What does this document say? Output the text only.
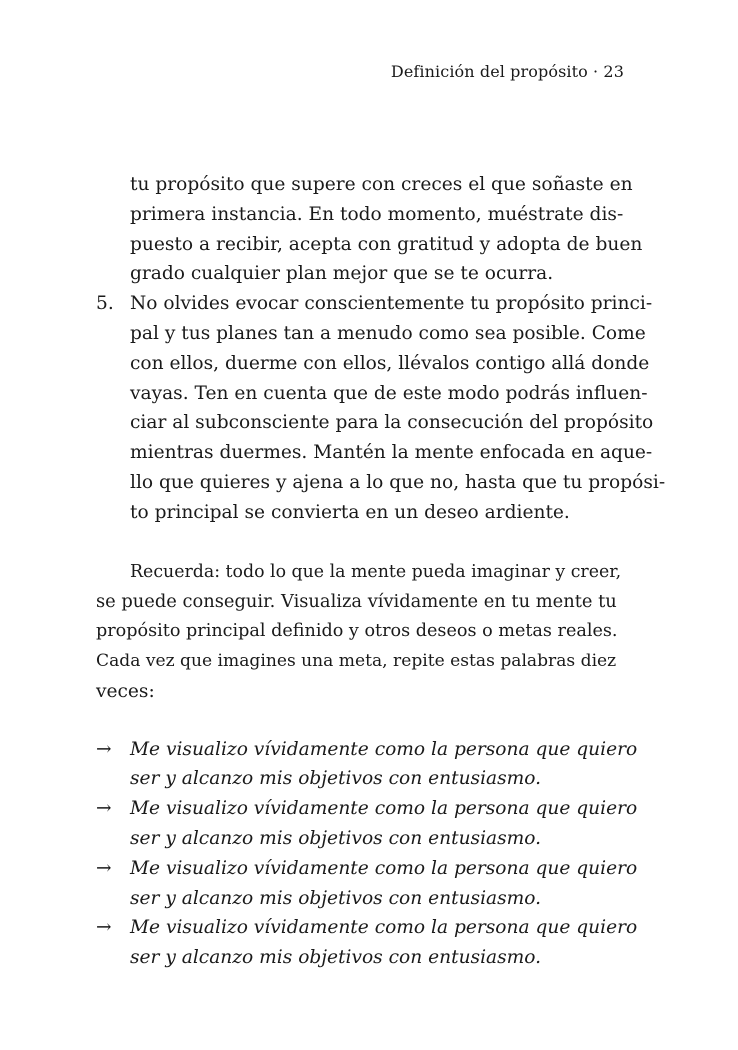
Definición del propósito · 23
tu propósito que supere con creces el que soñaste en
primera instancia. En todo momento, muéstrate dis-
puesto a recibir, acepta con gratitud y adopta de buen
grado cualquier plan mejor que se te ocurra.
5. No olvides evocar conscientemente tu propósito princi-
pal y tus planes tan a menudo como sea posible. Come
con ellos, duerme con ellos, llévalos contigo allá donde
vayas. Ten en cuenta que de este modo podrás influen-
ciar al subconsciente para la consecución del propósito
mientras duermes. Mantén la mente enfocada en aque-
llo que quieres y ajena a lo que no, hasta que tu propósi-
to principal se convierta en un deseo ardiente.
Recuerda: todo lo que la mente pueda imaginar y creer,
se puede conseguir. Visualiza vívidamente en tu mente tu
propósito principal definido y otros deseos o metas reales.
Cada vez que imagines una meta, repite estas palabras diez
veces:
→ Me visualizo vívidamente como la persona que quiero
ser y alcanzo mis objetivos con entusiasmo.
→ Me visualizo vívidamente como la persona que quiero
ser y alcanzo mis objetivos con entusiasmo.
→ Me visualizo vívidamente como la persona que quiero
ser y alcanzo mis objetivos con entusiasmo.
→ Me visualizo vívidamente como la persona que quiero
ser y alcanzo mis objetivos con entusiasmo.
